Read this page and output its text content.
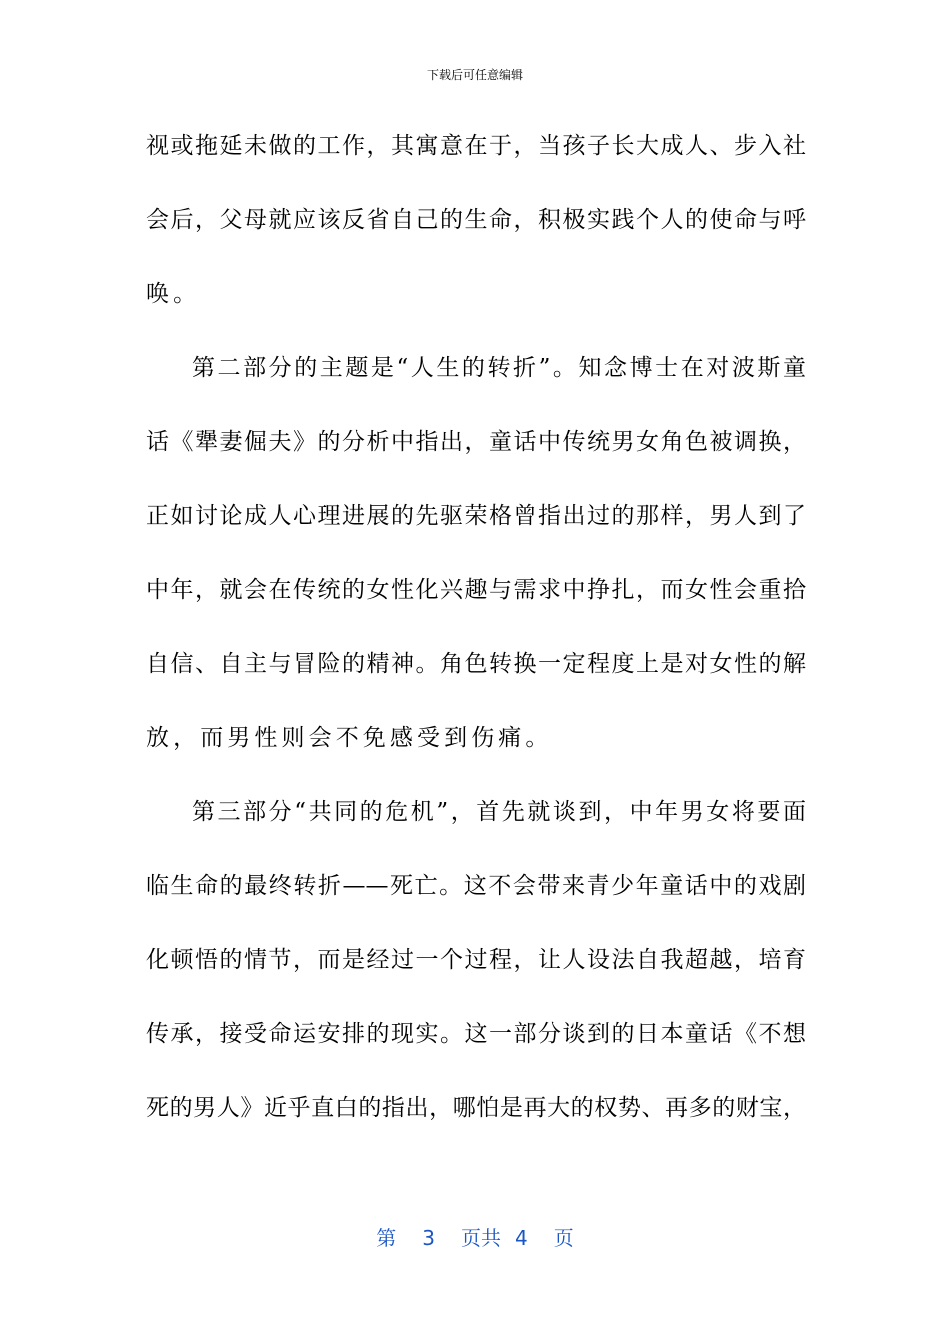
下载后可任意编辑
视或拖延未做的工作，其寓意在于，当孩子长大成人、步入社
会后，父母就应该反省自己的生命，积极实践个人的使命与呼
唤。
第二部分的主题是“人生的转折”。知念博士在对波斯童
话《犟妻倔夫》的分析中指出，童话中传统男女角色被调换，
正如讨论成人心理进展的先驱荣格曾指出过的那样，男人到了
中年，就会在传统的女性化兴趣与需求中挣扎，而女性会重拾
自信、自主与冒险的精神。角色转换一定程度上是对女性的解
放，而男性则会不免感受到伤痛。
第三部分“共同的危机”，首先就谈到，中年男女将要面
临生命的最终转折——死亡。这不会带来青少年童话中的戏剧
化顿悟的情节，而是经过一个过程，让人设法自我超越，培育
传承，接受命运安排的现实。这一部分谈到的日本童话《不想
死的男人》近乎直白的指出，哪怕是再大的权势、再多的财宝，
第 3 页共 4 页
